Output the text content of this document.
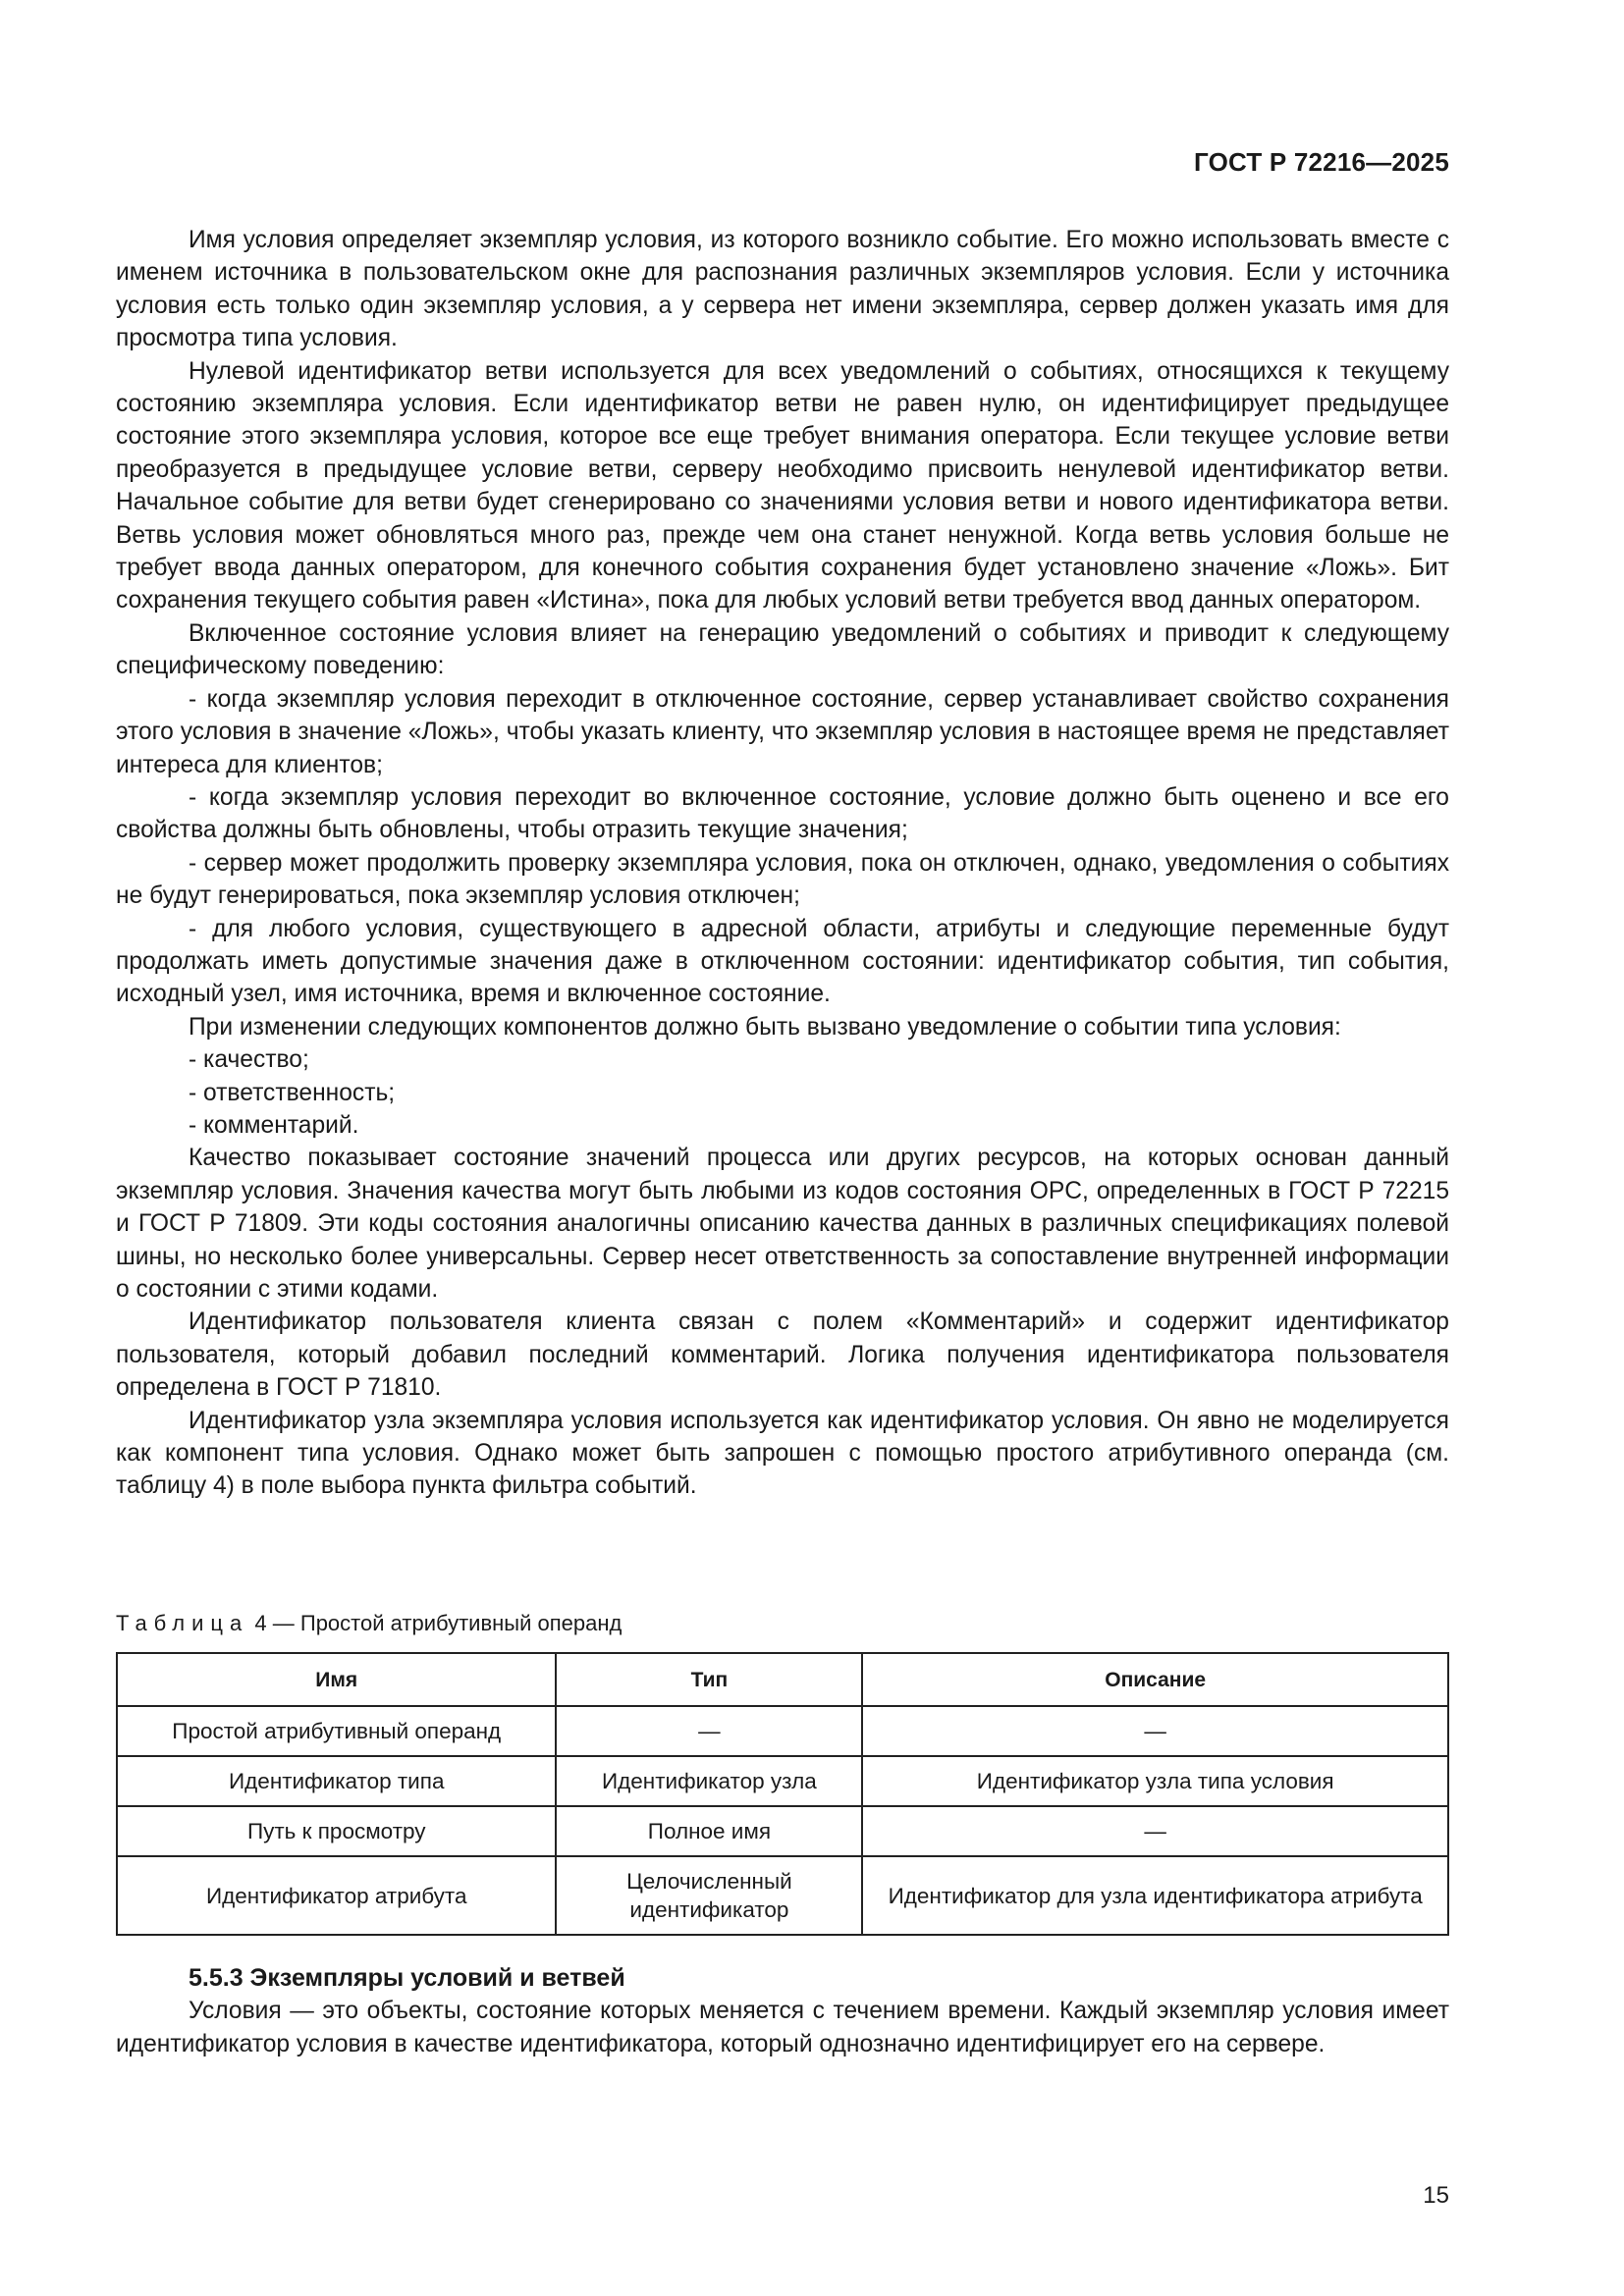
ГОСТ Р 72216—2025

Имя условия определяет экземпляр условия, из которого возникло событие. Его можно использовать вместе с именем источника в пользовательском окне для распознания различных экземпляров условия. Если у источника условия есть только один экземпляр условия, а у сервера нет имени экземпляра, сервер должен указать имя для просмотра типа условия.

Нулевой идентификатор ветви используется для всех уведомлений о событиях, относящихся к текущему состоянию экземпляра условия. Если идентификатор ветви не равен нулю, он идентифицирует предыдущее состояние этого экземпляра условия, которое все еще требует внимания оператора. Если текущее условие ветви преобразуется в предыдущее условие ветви, серверу необходимо присвоить ненулевой идентификатор ветви. Начальное событие для ветви будет сгенерировано со значениями условия ветви и нового идентификатора ветви. Ветвь условия может обновляться много раз, прежде чем она станет ненужной. Когда ветвь условия больше не требует ввода данных оператором, для конечного события сохранения будет установлено значение «Ложь». Бит сохранения текущего события равен «Истина», пока для любых условий ветви требуется ввод данных оператором.

Включенное состояние условия влияет на генерацию уведомлений о событиях и приводит к следующему специфическому поведению:

- когда экземпляр условия переходит в отключенное состояние, сервер устанавливает свойство сохранения этого условия в значение «Ложь», чтобы указать клиенту, что экземпляр условия в настоящее время не представляет интереса для клиентов;

- когда экземпляр условия переходит во включенное состояние, условие должно быть оценено и все его свойства должны быть обновлены, чтобы отразить текущие значения;

- сервер может продолжить проверку экземпляра условия, пока он отключен, однако, уведомления о событиях не будут генерироваться, пока экземпляр условия отключен;

- для любого условия, существующего в адресной области, атрибуты и следующие переменные будут продолжать иметь допустимые значения даже в отключенном состоянии: идентификатор события, тип события, исходный узел, имя источника, время и включенное состояние.

При изменении следующих компонентов должно быть вызвано уведомление о событии типа условия:

- качество;

- ответственность;

- комментарий.

Качество показывает состояние значений процесса или других ресурсов, на которых основан данный экземпляр условия. Значения качества могут быть любыми из кодов состояния OPC, определенных в ГОСТ Р 72215 и ГОСТ Р 71809. Эти коды состояния аналогичны описанию качества данных в различных спецификациях полевой шины, но несколько более универсальны. Сервер несет ответственность за сопоставление внутренней информации о состоянии с этими кодами.

Идентификатор пользователя клиента связан с полем «Комментарий» и содержит идентификатор пользователя, который добавил последний комментарий. Логика получения идентификатора пользователя определена в ГОСТ Р 71810.

Идентификатор узла экземпляра условия используется как идентификатор условия. Он явно не моделируется как компонент типа условия. Однако может быть запрошен с помощью простого атрибутивного операнда (см. таблицу 4) в поле выбора пункта фильтра событий.

Таблица 4 — Простой атрибутивный операнд
Имя	Тип	Описание
Простой атрибутивный операнд	—	—
Идентификатор типа	Идентификатор узла	Идентификатор узла типа условия
Путь к просмотру	Полное имя	—
Идентификатор атрибута	Целочисленный идентификатор	Идентификатор для узла идентификатора атрибута
5.5.3 Экземпляры условий и ветвей

Условия — это объекты, состояние которых меняется с течением времени. Каждый экземпляр условия имеет идентификатор условия в качестве идентификатора, который однозначно идентифицирует его на сервере.

15
